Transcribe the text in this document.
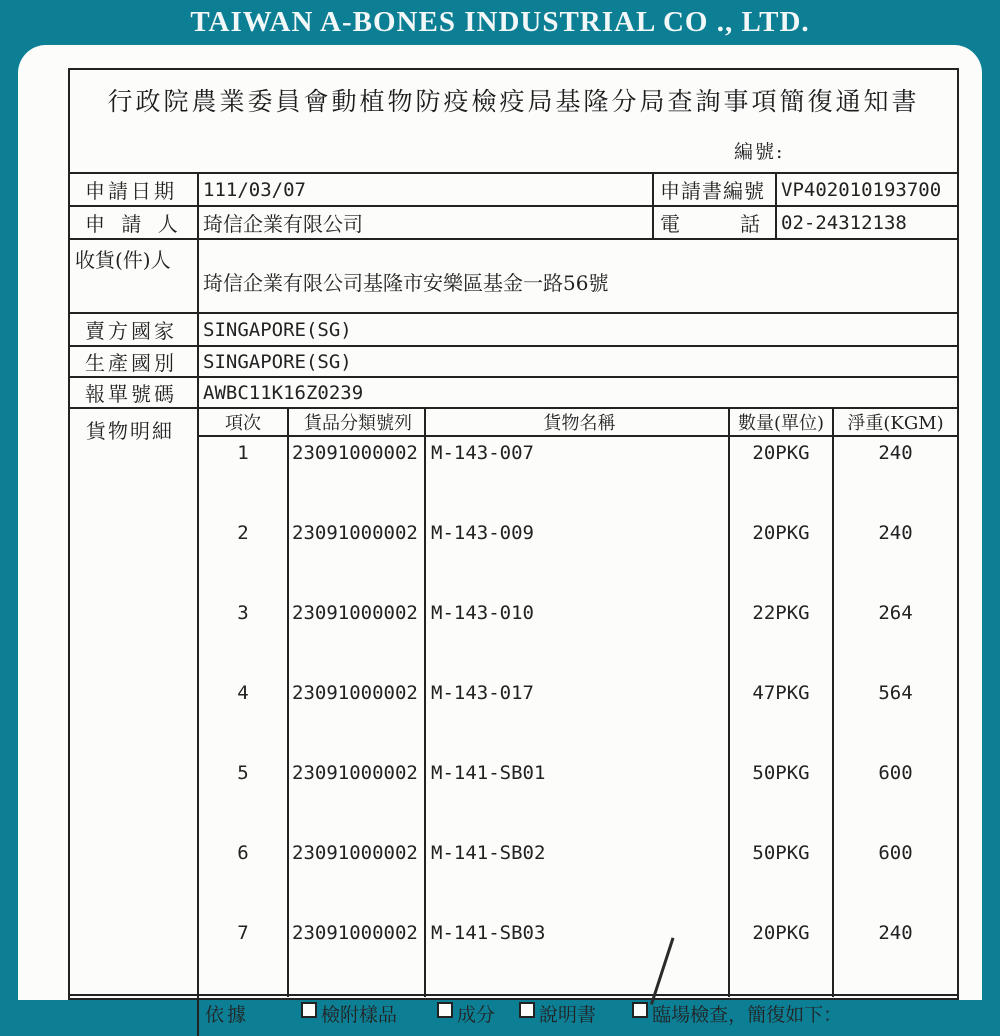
TAIWAN A-BONES INDUSTRIAL CO ., LTD.
行政院農業委員會動植物防疫檢疫局基隆分局查詢事項簡復通知書
編號:
申請日期	111/03/07	申請書編號 VP402010193700
申 請 人	琦信企業有限公司	電　　　話	02-24312138
收貨(件)人
琦信企業有限公司基隆市安樂區基金一路56號
賣方國家	SINGAPORE(SG)
生產國別	SINGAPORE(SG)
報單號碼	AWBC11K16Z0239
貨物明細	項次	貨品分類號列	貨物名稱	數量(單位)	淨重(KGM)
1	23091000002 M-143-007	20PKG	240
2	23091000002 M-143-009	20PKG	240
3	23091000002 M-143-010	22PKG	264
4	23091000002 M-143-017	47PKG	564
5	23091000002 M-141-SB01	50PKG	600
6	23091000002 M-141-SB02	50PKG	600
7	23091000002 M-141-SB03	20PKG	240
依據	檢附樣品	成分 說明書	臨場檢查，簡復如下：
